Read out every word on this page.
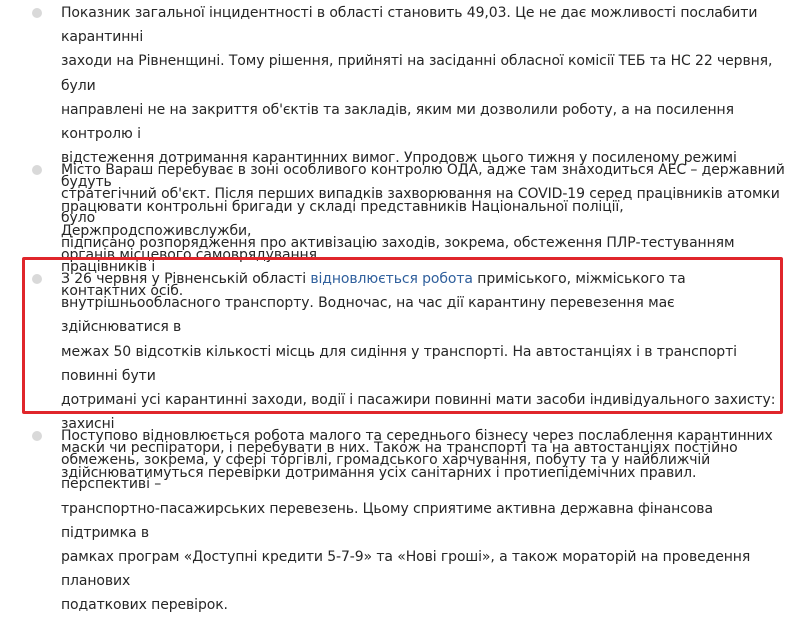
Показник загальної інцидентності в області становить 49,03. Це не дає можливості послабити карантинні
заходи на Рівненщині. Тому рішення, прийняті на засіданні обласної комісії ТЕБ та НС 22 червня, були
направлені не на закриття об'єктів та закладів, яким ми дозволили роботу, а на посилення контролю і
відстеження дотримання карантинних вимог. Упродовж цього тижня у посиленому режимі будуть
працювати контрольні бригади у складі представників Національної поліції, Держпродспоживслужби,
органів місцевого самоврядування.

Місто Вараш перебуває в зоні особливого контролю ОДА, адже там знаходиться АЕС – державний
стратегічний об'єкт. Після перших випадків захворювання на COVID-19 серед працівників атомки було
підписано розпорядження про активізацію заходів, зокрема, обстеження ПЛР-тестуванням працівників і
контактних осіб.

З 26 червня у Рівненській області відновлюється робота приміського, міжміського та
внутрішньообласного транспорту. Водночас, на час дії карантину перевезення має здійснюватися в
межах 50 відсотків кількості місць для сидіння у транспорті. На автостанціях і в транспорті повинні бути
дотримані усі карантинні заходи, водії і пасажири повинні мати засоби індивідуального захисту: захисні
маски чи респіратори, і перебувати в них. Також на транспорті та на автостанціях постійно
здійснюватимуться перевірки дотримання усіх санітарних і протиепідемічних правил.

Поступово відновлюється робота малого та середнього бізнесу через послаблення карантинних
обмежень, зокрема, у сфері торгівлі, громадського харчування, побуту та у найближчій перспективі –
транспортно-пасажирських перевезень. Цьому сприятиме активна державна фінансова підтримка в
рамках програм «Доступні кредити 5-7-9» та «Нові гроші», а також мораторій на проведення планових
податкових перевірок.
